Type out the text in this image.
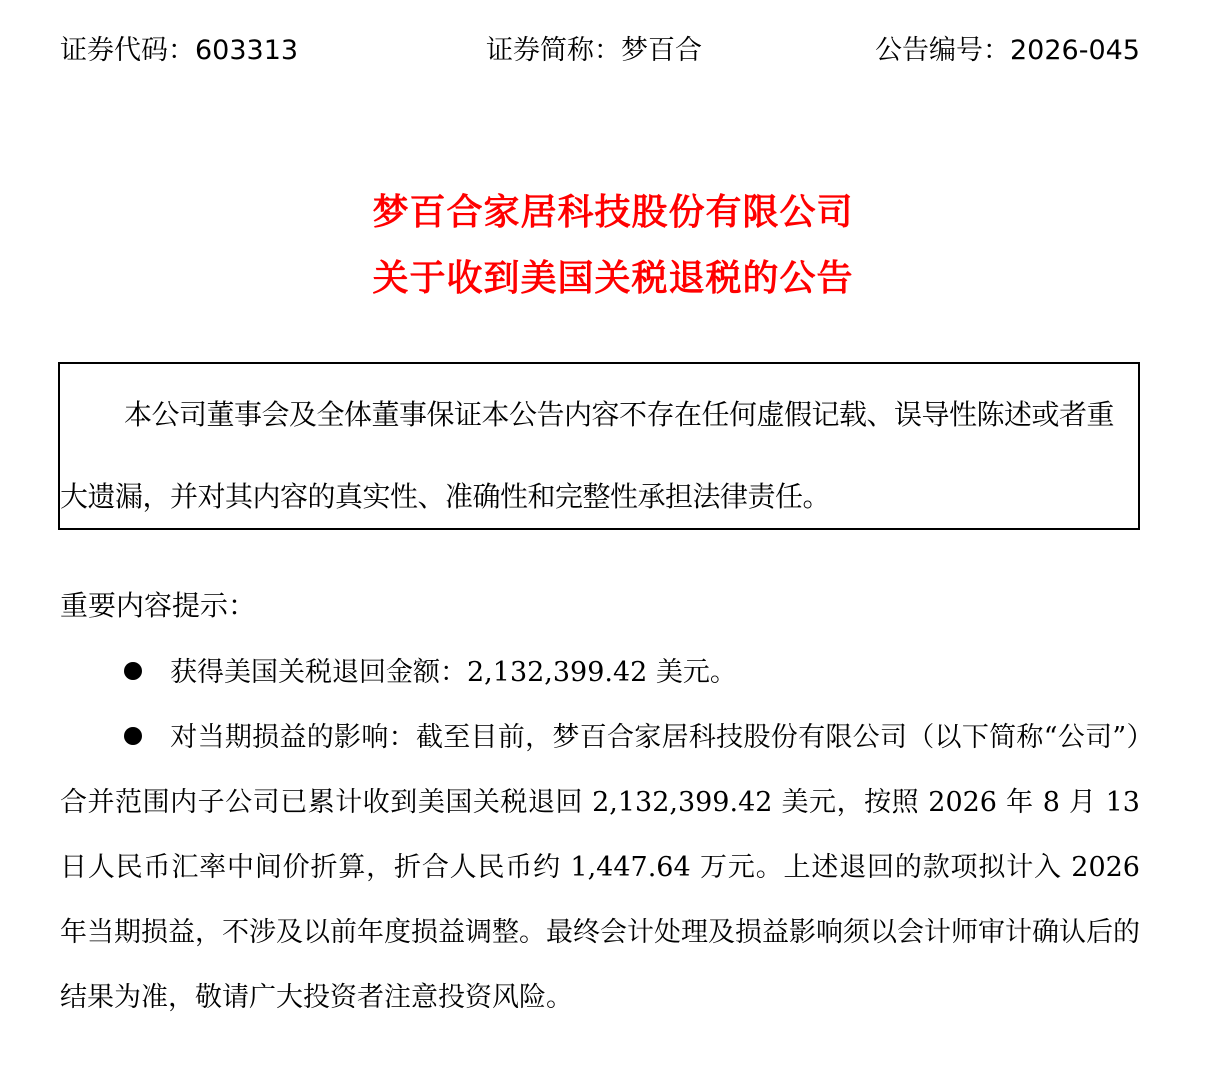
证券代码：603313	证券简称：梦百合	公告编号：2026-045
梦百合家居科技股份有限公司
关于收到美国关税退税的公告

本公司董事会及全体董事保证本公告内容不存在任何虚假记载、误导性陈述或者重大遗漏，并对其内容的真实性、准确性和完整性承担法律责任。

重要内容提示：
获得美国关税退回金额：2,132,399.42 美元。
对当期损益的影响：截至目前，梦百合家居科技股份有限公司（以下简称“公司”）合并范围内子公司已累计收到美国关税退回 2,132,399.42 美元，按照 2026 年 8 月 13 日人民币汇率中间价折算，折合人民币约 1,447.64 万元。上述退回的款项拟计入 2026 年当期损益，不涉及以前年度损益调整。最终会计处理及损益影响须以会计师审计确认后的结果为准，敬请广大投资者注意投资风险。
